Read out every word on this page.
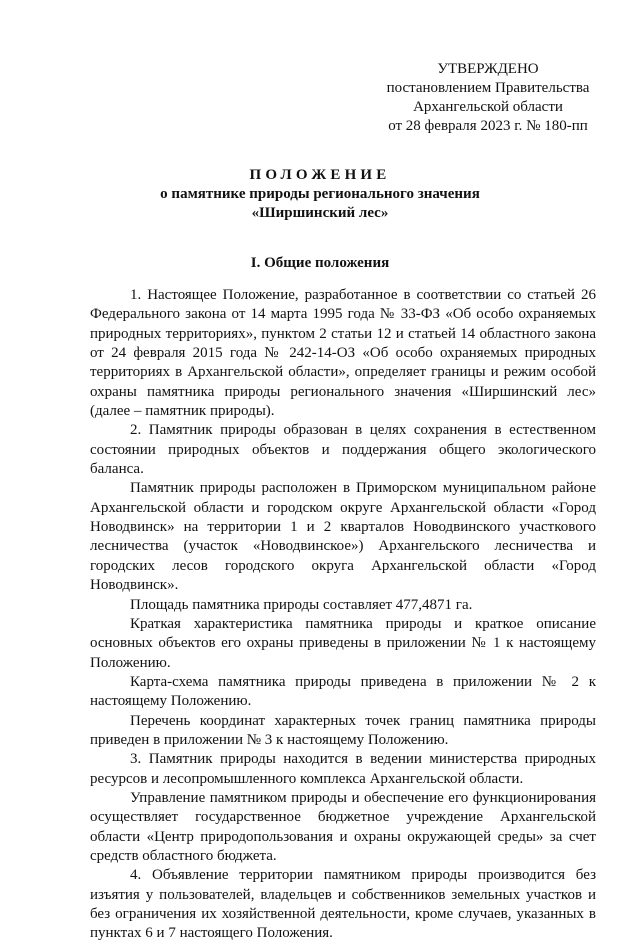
УТВЕРЖДЕНО
постановлением Правительства
Архангельской области
от 28 февраля 2023 г. № 180-пп
ПОЛОЖЕНИЕ
о памятнике природы регионального значения
«Ширшинский лес»
I. Общие положения

1. Настоящее Положение, разработанное в соответствии со статьей 26 Федерального закона от 14 марта 1995 года № 33-ФЗ «Об особо охраняемых природных территориях», пунктом 2 статьи 12 и статьей 14 областного закона от 24 февраля 2015 года № 242-14-ОЗ «Об особо охраняемых природных территориях в Архангельской области», определяет границы и режим особой охраны памятника природы регионального значения «Ширшинский лес» (далее – памятник природы).

2. Памятник природы образован в целях сохранения в естественном состоянии природных объектов и поддержания общего экологического баланса.

Памятник природы расположен в Приморском муниципальном районе Архангельской области и городском округе Архангельской области «Город Новодвинск» на территории 1 и 2 кварталов Новодвинского участкового лесничества (участок «Новодвинское») Архангельского лесничества и городских лесов городского округа Архангельской области «Город Новодвинск».

Площадь памятника природы составляет 477,4871 га.

Краткая характеристика памятника природы и краткое описание основных объектов его охраны приведены в приложении № 1 к настоящему Положению.

Карта-схема памятника природы приведена в приложении № 2 к настоящему Положению.

Перечень координат характерных точек границ памятника природы приведен в приложении № 3 к настоящему Положению.

3. Памятник природы находится в ведении министерства природных ресурсов и лесопромышленного комплекса Архангельской области.

Управление памятником природы и обеспечение его функционирования осуществляет государственное бюджетное учреждение Архангельской области «Центр природопользования и охраны окружающей среды» за счет средств областного бюджета.

4. Объявление территории памятником природы производится без изъятия у пользователей, владельцев и собственников земельных участков и без ограничения их хозяйственной деятельности, кроме случаев, указанных в пунктах 6 и 7 настоящего Положения.
